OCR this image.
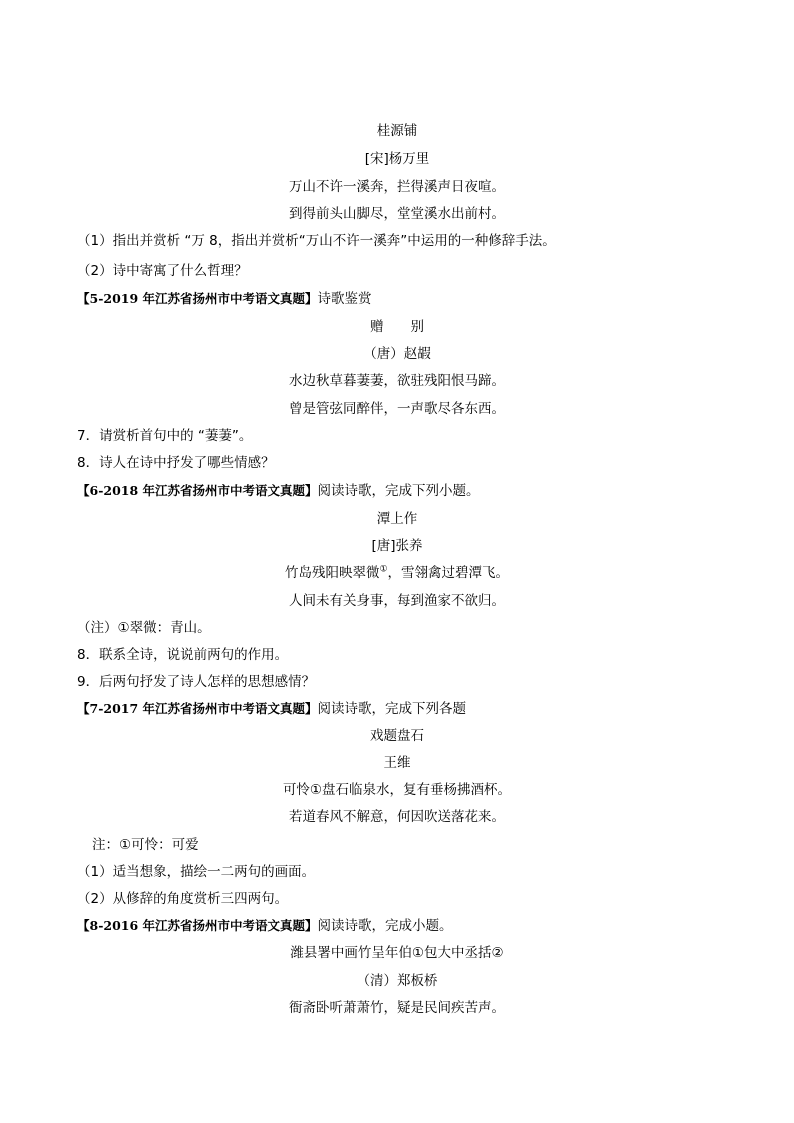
桂源铺
[宋]杨万里
万山不许一溪奔，拦得溪声日夜喧。
到得前头山脚尽，堂堂溪水出前村。
（1）指出并赏析 “万 8，指出并赏析“万山不许一溪奔”中运用的一种修辞手法。
（2）诗中寄寓了什么哲理？
【5-2019 年江苏省扬州市中考语文真题】诗歌鉴赏
赠　　别
（唐）赵嘏
水边秋草暮萋萋，欲驻残阳恨马蹄。
曾是管弦同醉伴，一声歌尽各东西。
7．请赏析首句中的 “萋萋”。
8．诗人在诗中抒发了哪些情感？
【6-2018 年江苏省扬州市中考语文真题】阅读诗歌，完成下列小题。
潭上作
[唐]张养
竹岛残阳映翠微①，雪翎禽过碧潭飞。
人间未有关身事，每到渔家不欲归。
（注）①翠微：青山。
8．联系全诗，说说前两句的作用。
9．后两句抒发了诗人怎样的思想感情？
【7-2017 年江苏省扬州市中考语文真题】阅读诗歌，完成下列各题
戏题盘石
王维
可怜①盘石临泉水，复有垂杨拂酒杯。
若道春风不解意，何因吹送落花来。
注：①可怜：可爱
（1）适当想象，描绘一二两句的画面。
（2）从修辞的角度赏析三四两句。
【8-2016 年江苏省扬州市中考语文真题】阅读诗歌，完成小题。
潍县署中画竹呈年伯①包大中丞括②
（清）郑板桥
衙斋卧听萧萧竹，疑是民间疾苦声。
